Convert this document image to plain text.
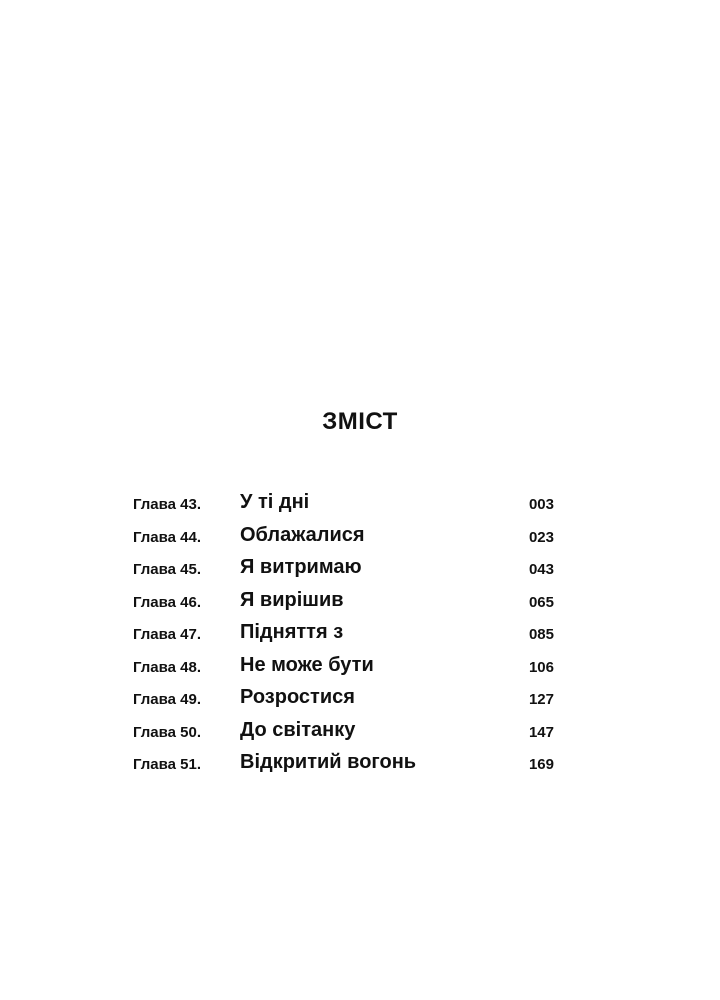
ЗМІСТ
Глава 43. У ті дні	003
Глава 44. Облажалися	023
Глава 45. Я витримаю	043
Глава 46. Я вирішив	065
Глава 47. Підняття з	085
Глава 48. Не може бути	106
Глава 49. Розростися	127
Глава 50. До світанку	147
Глава 51. Відкритий вогонь	169
